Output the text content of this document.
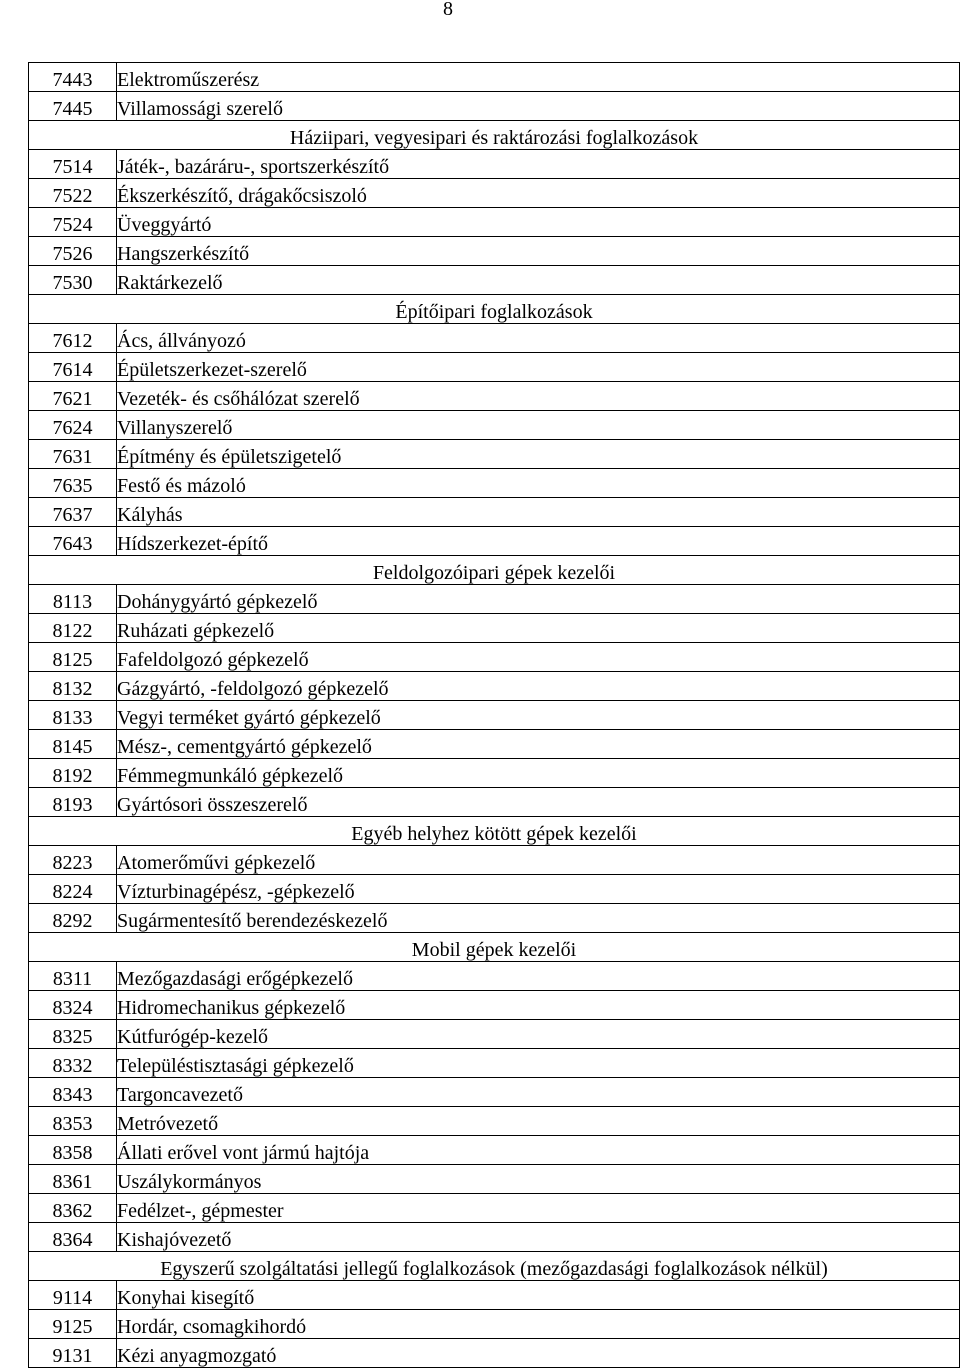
8
7443	Elektroműszerész

7445	Villamossági szerelő

Háziipari, vegyesipari és raktározási foglalkozások	

7514	Játék-, bazáráru-, sportszerkészítő

7522	Ékszerkészítő, drágakőcsiszoló

7524	Üveggyártó

7526	Hangszerkészítő

7530	Raktárkezelő

Építőipari foglalkozások	

7612	Ács, állványozó

7614	Épületszerkezet-szerelő

7621	Vezeték- és csőhálózat szerelő

7624	Villanyszerelő

7631	Építmény és épületszigetelő

7635	Festő és mázoló

7637	Kályhás

7643	Hídszerkezet-építő

Feldolgozóipari gépek kezelői	

8113	Dohánygyártó gépkezelő

8122	Ruházati gépkezelő

8125	Fafeldolgozó gépkezelő

8132	Gázgyártó, -feldolgozó gépkezelő

8133	Vegyi terméket gyártó gépkezelő

8145	Mész-, cementgyártó gépkezelő

8192	Fémmegmunkáló gépkezelő

8193	Gyártósori összeszerelő

Egyéb helyhez kötött gépek kezelői	

8223	Atomerőművi gépkezelő

8224	Vízturbinagépész, -gépkezelő

8292	Sugármentesítő berendezéskezelő

Mobil gépek kezelői	

8311	Mezőgazdasági erőgépkezelő

8324	Hidromechanikus gépkezelő

8325	Kútfurógép-kezelő

8332	Településtisztasági gépkezelő

8343	Targoncavezető

8353	Metróvezető

8358	Állati erővel vont jármú hajtója

8361	Uszálykormányos

8362	Fedélzet-, gépmester

8364	Kishajóvezető

Egyszerű szolgáltatási jellegű foglalkozások (mezőgazdasági foglalkozások nélkül)	

9114	Konyhai kisegítő

9125	Hordár, csomagkihordó

9131	Kézi anyagmozgató
